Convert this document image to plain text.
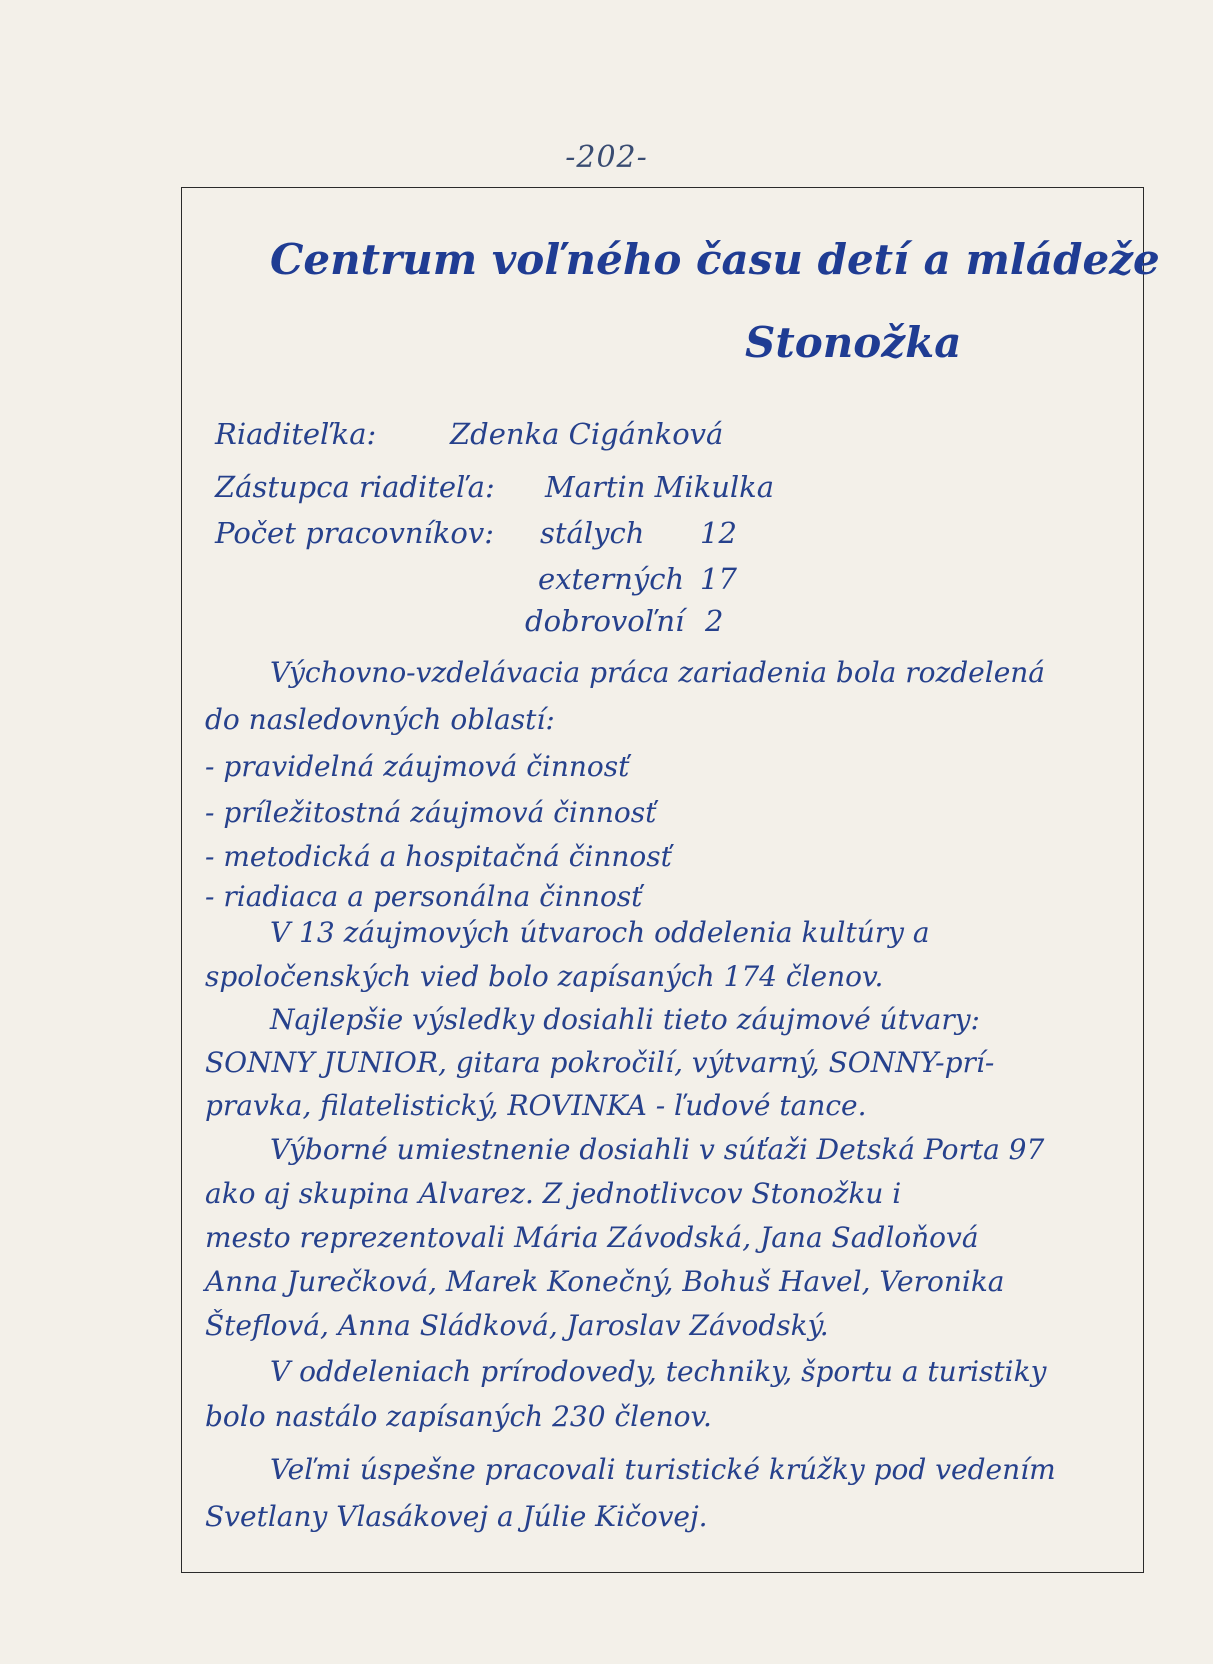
-202-
Centrum voľného času detí a mládeže
Stonožka
Riaditeľka:	Zdenka Cigánková
Zástupca riaditeľa: Martin Mikulka
Počet pracovníkov: stálych 12
externých 17
dobrovoľní 2
Výchovno-vzdelávacia práca zariadenia bola rozdelená
do nasledovných oblastí:
- pravidelná záujmová činnosť
- príležitostná záujmová činnosť
- metodická a hospitačná činnosť
- riadiaca a personálna činnosť
V 13 záujmových útvaroch oddelenia kultúry a
spoločenských vied bolo zapísaných 174 členov.
Najlepšie výsledky dosiahli tieto záujmové útvary:
SONNY JUNIOR, gitara pokročilí, výtvarný, SONNY-prí-
pravka, filatelistický, ROVINKA - ľudové tance.
Výborné umiestnenie dosiahli v súťaži Detská Porta 97
ako aj skupina Alvarez. Z jednotlivcov Stonožku i
mesto reprezentovali Mária Závodská, Jana Sadloňová
Anna Jurečková, Marek Konečný, Bohuš Havel, Veronika
Šteflová, Anna Sládková, Jaroslav Závodský.
V oddeleniach prírodovedy, techniky, športu a turistiky
bolo nastálo zapísaných 230 členov.
Veľmi úspešne pracovali turistické krúžky pod vedením
Svetlany Vlasákovej a Júlie Kičovej.
